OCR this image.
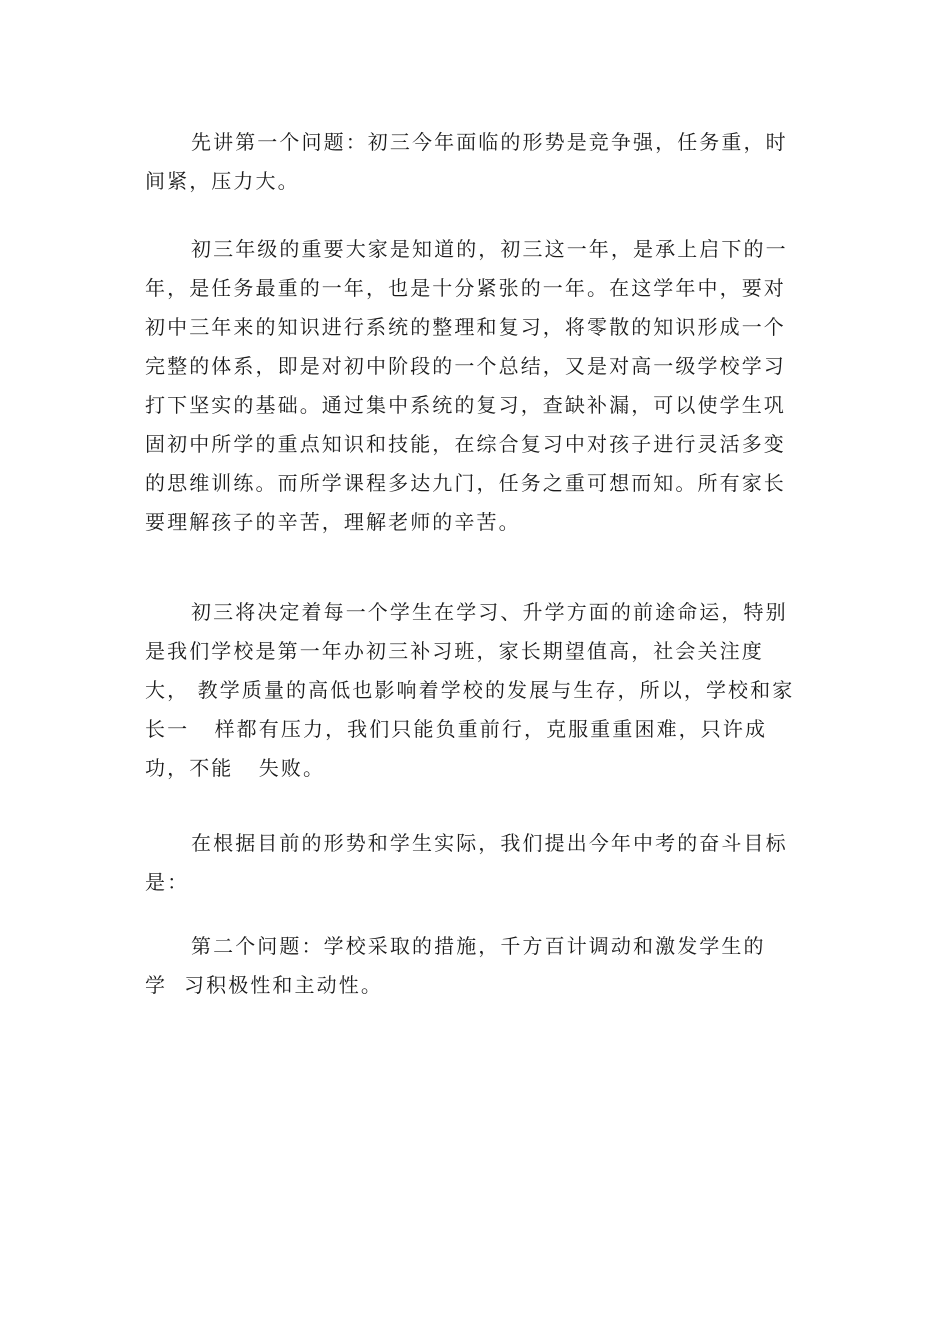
先讲第一个问题：初三今年面临的形势是竞争强，任务重，时
间紧，压力大。

初三年级的重要大家是知道的，初三这一年，是承上启下的一
年，是任务最重的一年，也是十分紧张的一年。在这学年中，要对
初中三年来的知识进行系统的整理和复习，将零散的知识形成一个
完整的体系，即是对初中阶段的一个总结，又是对高一级学校学习
打下坚实的基础。通过集中系统的复习，查缺补漏，可以使学生巩
固初中所学的重点知识和技能，在综合复习中对孩子进行灵活多变
的思维训练。而所学课程多达九门，任务之重可想而知。所有家长
要理解孩子的辛苦，理解老师的辛苦。

初三将决定着每一个学生在学习、升学方面的前途命运，特别
是我们学校是第一年办初三补习班，家长期望值高，社会关注度
大， 教学质量的高低也影响着学校的发展与生存，所以，学校和家
长一   样都有压力，我们只能负重前行，克服重重困难，只许成
功，不能   失败。

在根据目前的形势和学生实际，我们提出今年中考的奋斗目标
是：

第二个问题：学校采取的措施，千方百计调动和激发学生的
学  习积极性和主动性。
